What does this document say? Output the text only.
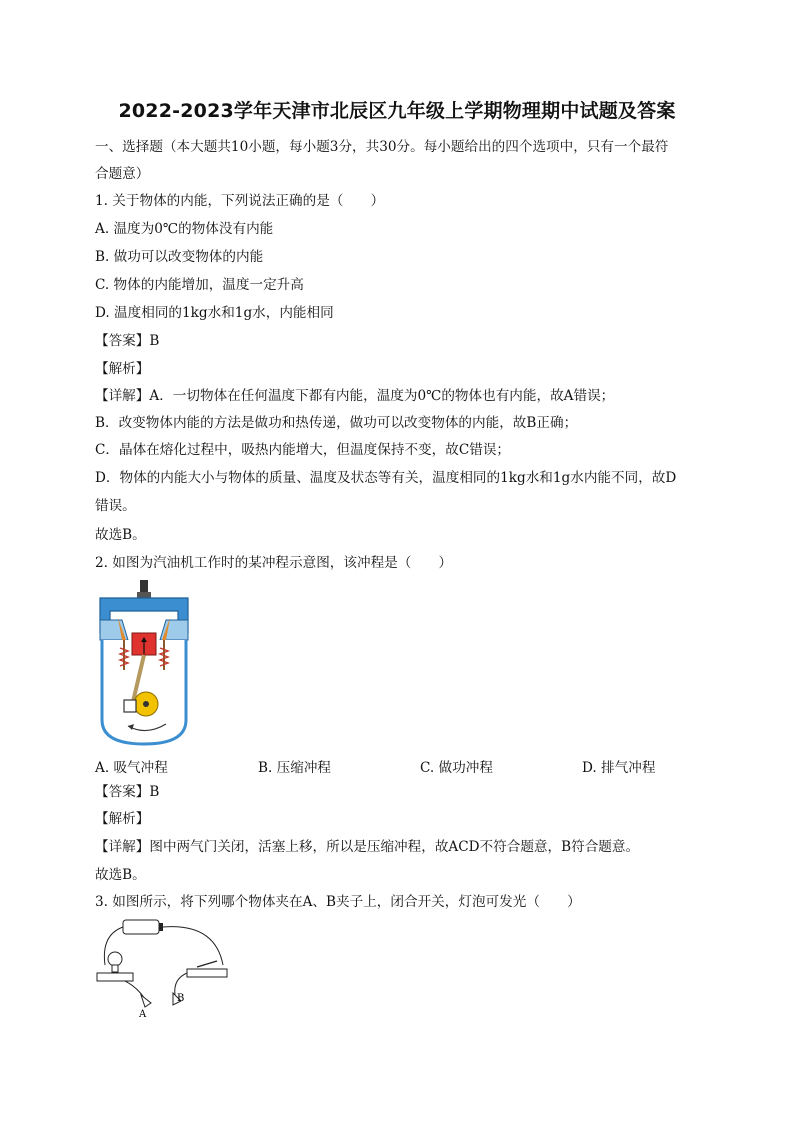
2022-2023学年天津市北辰区九年级上学期物理期中试题及答案
一、选择题（本大题共10小题，每小题3分，共30分。每小题给出的四个选项中，只有一个最符
合题意）
1. 关于物体的内能，下列说法正确的是（　　）
A. 温度为0℃的物体没有内能
B. 做功可以改变物体的内能
C. 物体的内能增加，温度一定升高
D. 温度相同的1kg水和1g水，内能相同
【答案】B
【解析】
【详解】A．一切物体在任何温度下都有内能，温度为0℃的物体也有内能，故A错误；
B．改变物体内能的方法是做功和热传递，做功可以改变物体的内能，故B正确；
C．晶体在熔化过程中，吸热内能增大，但温度保持不变，故C错误；
D．物体的内能大小与物体的质量、温度及状态等有关，温度相同的1kg水和1g水内能不同，故D
错误。
故选B。
2. 如图为汽油机工作时的某冲程示意图，该冲程是（　　）
A. 吸气冲程	B. 压缩冲程	C. 做功冲程	D. 排气冲程
【答案】B
【解析】
【详解】图中两气门关闭，活塞上移，所以是压缩冲程，故ACD不符合题意，B符合题意。
故选B。
3. 如图所示，将下列哪个物体夹在A、B夹子上，闭合开关，灯泡可发光（　　）
A
B
